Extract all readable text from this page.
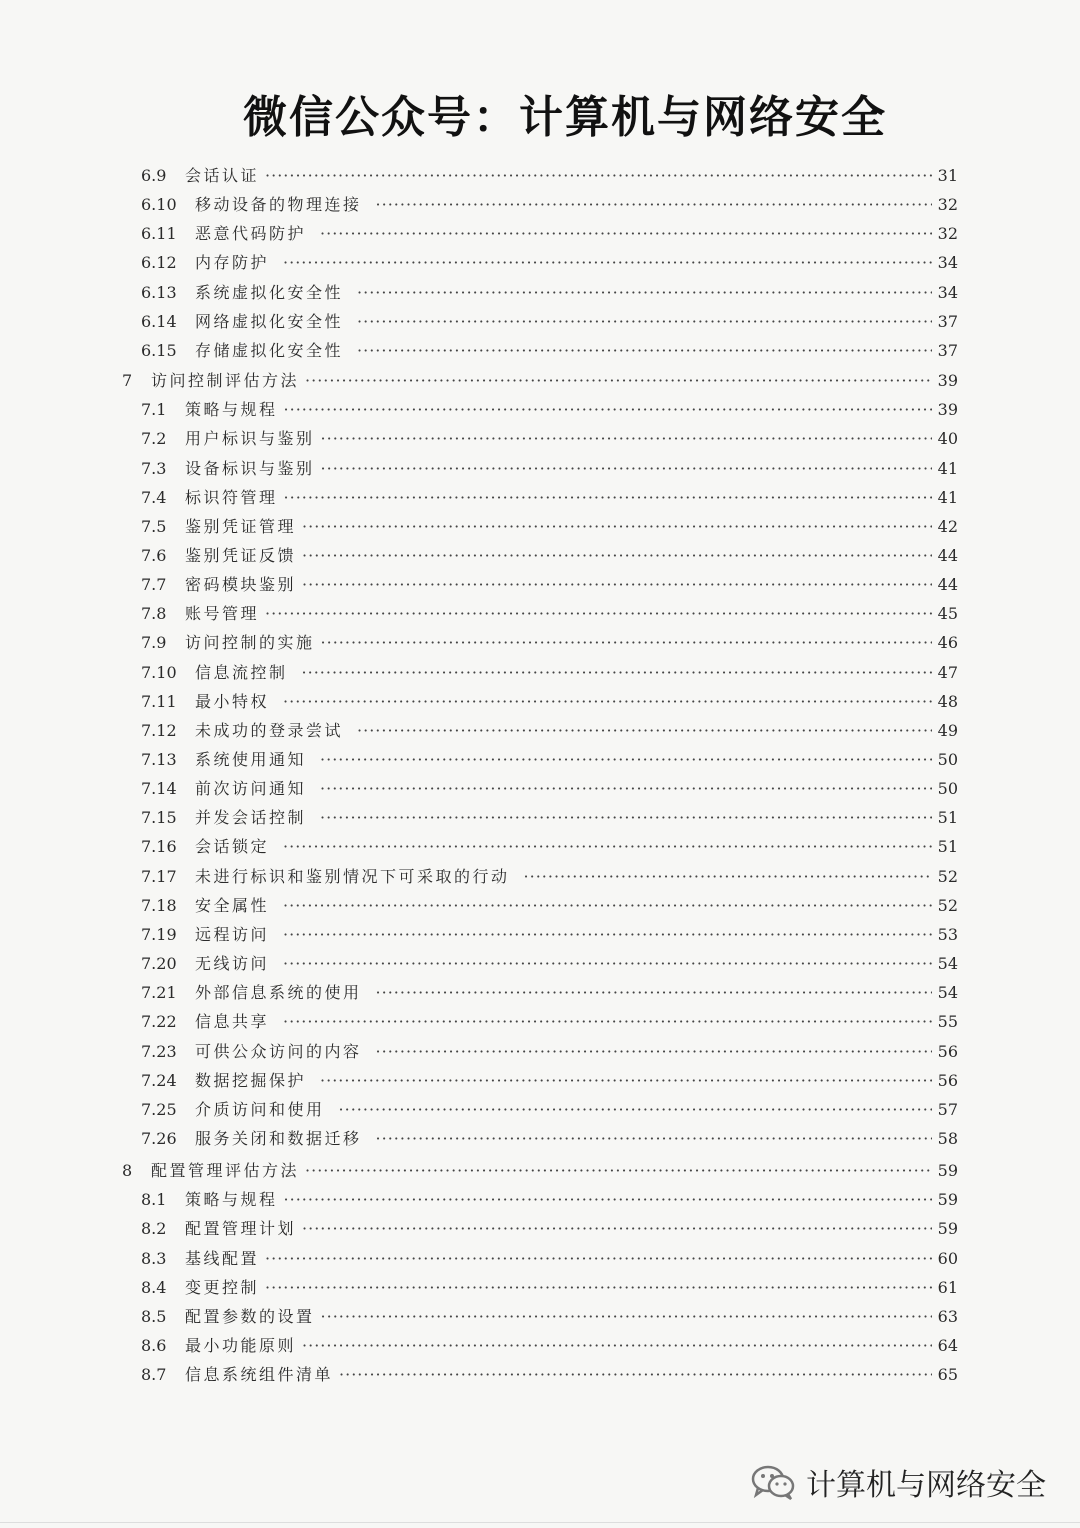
微信公众号：计算机与网络安全
6.9 会话认证 ·····	31
6.10 移动设备的物理连接 ·····	32
6.11 恶意代码防护 ·····	32
6.12 内存防护 ·····	34
6.13 系统虚拟化安全性 ·····	34
6.14 网络虚拟化安全性 ·····	37
6.15 存储虚拟化安全性 ·····	37
7 访问控制评估方法 ·····	39
7.1 策略与规程 ·····	39
7.2 用户标识与鉴别 ·····	40
7.3 设备标识与鉴别 ·····	41
7.4 标识符管理 ·····	41
7.5 鉴别凭证管理 ·····	42
7.6 鉴别凭证反馈 ·····	44
7.7 密码模块鉴别 ·····	44
7.8 账号管理 ·····	45
7.9 访问控制的实施 ·····	46
7.10 信息流控制 ·····	47
7.11 最小特权 ·····	48
7.12 未成功的登录尝试 ·····	49
7.13 系统使用通知 ·····	50
7.14 前次访问通知 ·····	50
7.15 并发会话控制 ·····	51
7.16 会话锁定 ·····	51
7.17 未进行标识和鉴别情况下可采取的行动 ·····	52
7.18 安全属性 ·····	52
7.19 远程访问 ·····	53
7.20 无线访问 ·····	54
7.21 外部信息系统的使用 ·····	54
7.22 信息共享 ·····	55
7.23 可供公众访问的内容 ·····	56
7.24 数据挖掘保护 ·····	56
7.25 介质访问和使用 ·····	57
7.26 服务关闭和数据迁移 ·····	58
8 配置管理评估方法 ·····	59
8.1 策略与规程 ·····	59
8.2 配置管理计划 ·····	59
8.3 基线配置 ·····	60
8.4 变更控制 ·····	61
8.5 配置参数的设置 ·····	63
8.6 最小功能原则 ·····	64
8.7 信息系统组件清单 ·····	65
计算机与网络安全
